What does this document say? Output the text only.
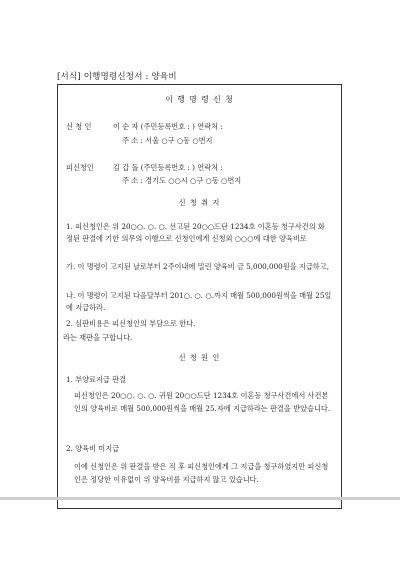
[서식] 이행명령신청서 : 양육비
이 행 명 령 신 청
신 청 인	이 순 자 (주민등록번호 : ) 연락처 :
주 소 : 서울 ○구 ○동 ○번지
피신청인	김 갑 돌 (주민등록번호 : ) 연락처 :
주 소 : 경기도 ○○시 ○구 ○동 ○번지
신 청 취 지
1. 피신청인은 위 20○○. ○. ○. 선고된 20○○드단 1234호 이혼등 청구사건의 화정된 판결에 기한 의무의 이행으로 신청인에게 신청외 ○○○에 대한 양육비로
가. 이 명령이 고지된 날로부터 2주이내에 밀린 양육비 금 5,000,000원을 지급하고,
나. 이 명령이 고지된 다음달부터 201○. ○. ○.까지 매월 500,000원씩을 매월 25일에 지급하라.
2. 심판비용은 피신청인의 부담으로 한다.
라는 재판을 구합니다.
신 청 원 인
1. 부양료지급 판결
피신청인은 20○○. ○. ○. 귀원 20○○드단 1234호 이혼등 청구사건에서 사건본인의 양육비로 매월 500,000원씩을 매월 25.자에 지급하라는 판결을 받았습니다.
2. 양육비 미지급
이에 신청인은 위 판결을 받은 직 후 피신청인에게 그 지급을 청구하였지만 피신청인은 정당한 이유없이 위 양육비를 지급하지 않고 있습니다.
